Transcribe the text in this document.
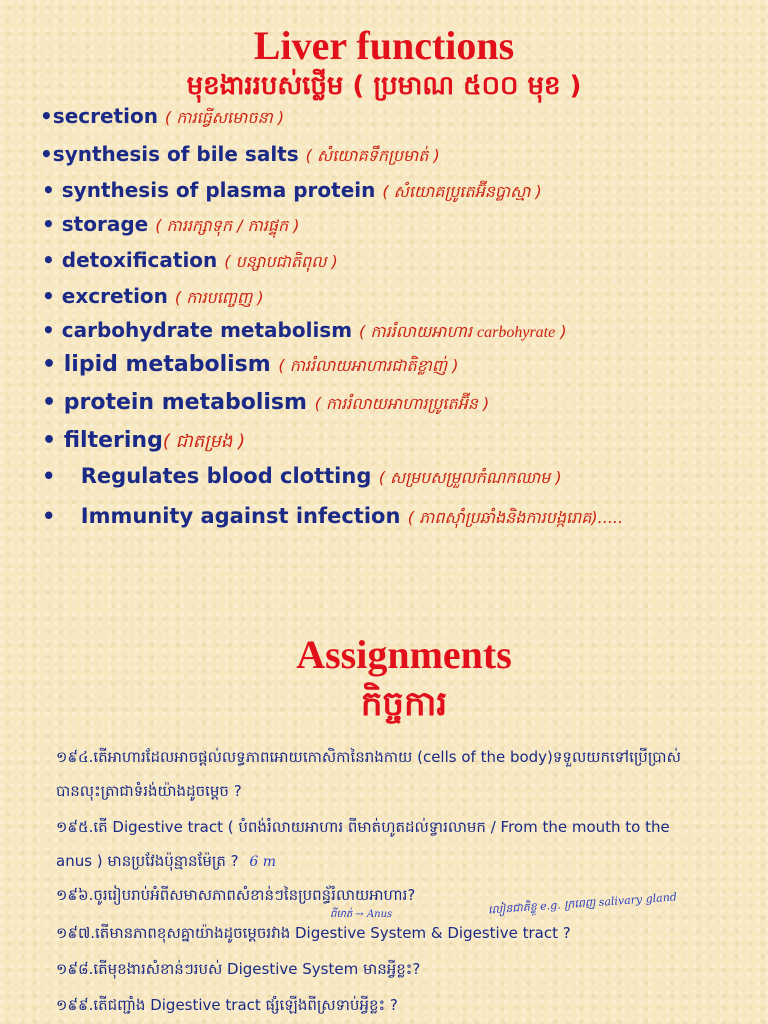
Liver functions
មុខងាររបស់ថ្លើម ( ប្រមាណ ៥០០ មុខ )
•secretion ( ការធ្វើសមោចនា )
•synthesis of bile salts ( សំយោគទឹកប្រមាត់ )
• synthesis of plasma protein ( សំយោគប្រូតេអ៊ីនប្លាស្មា )
• storage ( ការរក្សាទុក / ការផ្ទុក )
• detoxification ( បន្សាបជាតិពុល )
• excretion ( ការបញ្ចេញ )
• carbohydrate metabolism ( ការរំលាយអាហារ carbohyrate )
• lipid metabolism ( ការរំលាយអាហារជាតិខ្លាញ់ )
• protein metabolism ( ការរំលាយអាហារប្រូតេអ៊ីន )
• filtering( ជាតម្រង )
• Regulates blood clotting ( សម្របសម្រួលកំណកឈាម )
• Immunity against infection ( ភាពស៊ាំប្រឆាំងនិងការបង្ករោគ).....
Assignments
កិច្ចការ
១៩៤.តើអាហារដែលអាចផ្ដល់លទ្ធភាពអោយកោសិកានៃរាងកាយ (cells of the body)ទទួលយកទៅប្រើប្រាស់
បានលុះត្រាជាទំរង់យ៉ាងដូចម្ដេច ?
១៩៥.តើ Digestive tract ( បំពង់រំលាយអាហារ ពីមាត់ហូតដល់ទ្វារលាមក / From the mouth to the
anus ) មានប្រវែងប៉ុន្មានម៉ែត្រ ? 6 m
១៩៦.ចូររៀបរាប់អំពីសមាសភាពសំខាន់ៗនៃប្រពន្ធ័រំលាយអាហារ?
ពីមាត់ → Anus	លៀនជាតិខ្លួ e.g. ក្រពេញ salivary gland
១៩៧.តើមានភាពខុសគ្នាយ៉ាងដូចម្ដេចរវាង Digestive System & Digestive tract ?
១៩៨.តើមុខងារសំខាន់ៗរបស់ Digestive System មានអ្វីខ្លះ?
១៩៩.តើជញ្ជាំង Digestive tract ផ្សំឡើងពីស្រទាប់អ្វីខ្លះ ?
